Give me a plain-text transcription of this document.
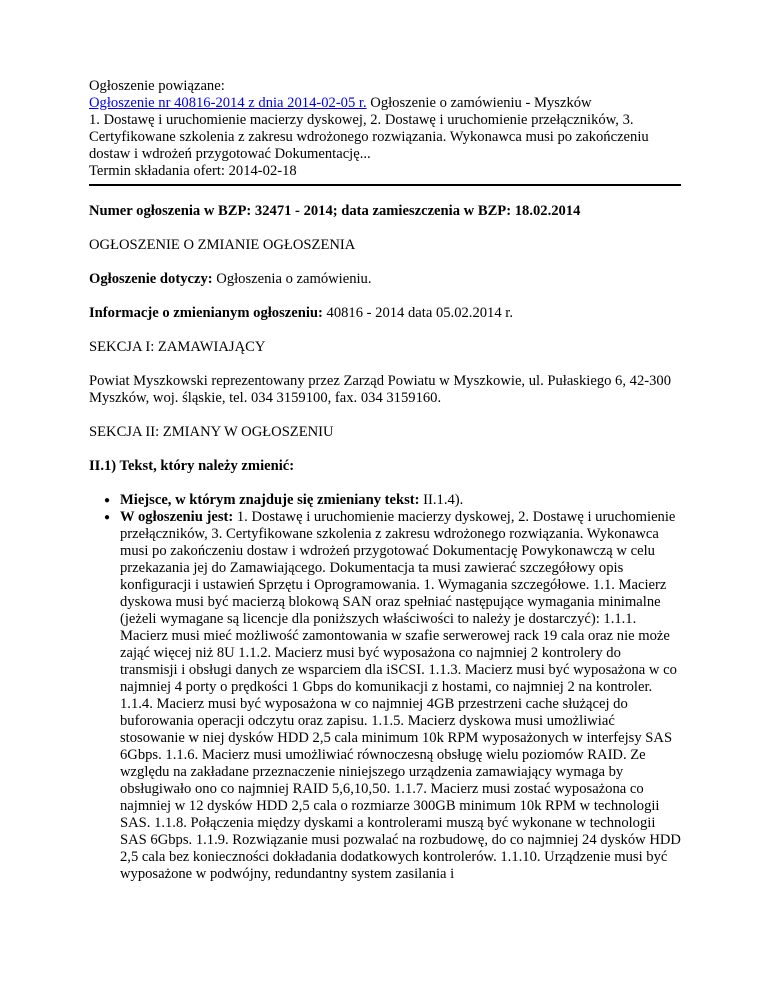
Ogłoszenie powiązane:

Ogłoszenie nr 40816-2014 z dnia 2014-02-05 r. Ogłoszenie o zamówieniu - Myszków

1. Dostawę i uruchomienie macierzy dyskowej, 2. Dostawę i uruchomienie przełączników, 3. Certyfikowane szkolenia z zakresu wdrożonego rozwiązania. Wykonawca musi po zakończeniu dostaw i wdrożeń przygotować Dokumentację...

Termin składania ofert: 2014-02-18

Numer ogłoszenia w BZP: 32471 - 2014; data zamieszczenia w BZP: 18.02.2014

OGŁOSZENIE O ZMIANIE OGŁOSZENIA

Ogłoszenie dotyczy: Ogłoszenia o zamówieniu.

Informacje o zmienianym ogłoszeniu: 40816 - 2014 data 05.02.2014 r.

SEKCJA I: ZAMAWIAJĄCY

Powiat Myszkowski reprezentowany przez Zarząd Powiatu w Myszkowie, ul. Pułaskiego 6, 42-300 Myszków, woj. śląskie, tel. 034 3159100, fax. 034 3159160.

SEKCJA II: ZMIANY W OGŁOSZENIU

II.1) Tekst, który należy zmienić:

● Miejsce, w którym znajduje się zmieniany tekst: II.1.4).
● W ogłoszeniu jest: 1. Dostawę i uruchomienie macierzy dyskowej, 2. Dostawę i uruchomienie przełączników, 3. Certyfikowane szkolenia z zakresu wdrożonego rozwiązania. Wykonawca musi po zakończeniu dostaw i wdrożeń przygotować Dokumentację Powykonawczą w celu przekazania jej do Zamawiającego. Dokumentacja ta musi zawierać szczegółowy opis konfiguracji i ustawień Sprzętu i Oprogramowania. 1. Wymagania szczegółowe. 1.1. Macierz dyskowa musi być macierzą blokową SAN oraz spełniać następujące wymagania minimalne (jeżeli wymagane są licencje dla poniższych właściwości to należy je dostarczyć): 1.1.1. Macierz musi mieć możliwość zamontowania w szafie serwerowej rack 19 cala oraz nie może zająć więcej niż 8U 1.1.2. Macierz musi być wyposażona co najmniej 2 kontrolery do transmisji i obsługi danych ze wsparciem dla iSCSI. 1.1.3. Macierz musi być wyposażona w co najmniej 4 porty o prędkości 1 Gbps do komunikacji z hostami, co najmniej 2 na kontroler. 1.1.4. Macierz musi być wyposażona w co najmniej 4GB przestrzeni cache służącej do buforowania operacji odczytu oraz zapisu. 1.1.5. Macierz dyskowa musi umożliwiać stosowanie w niej dysków HDD 2,5 cala minimum 10k RPM wyposażonych w interfejsy SAS 6Gbps. 1.1.6. Macierz musi umożliwiać równoczesną obsługę wielu poziomów RAID. Ze względu na zakładane przeznaczenie niniejszego urządzenia zamawiający wymaga by obsługiwało ono co najmniej RAID 5,6,10,50. 1.1.7. Macierz musi zostać wyposażona co najmniej w 12 dysków HDD 2,5 cala o rozmiarze 300GB minimum 10k RPM w technologii SAS. 1.1.8. Połączenia między dyskami a kontrolerami muszą być wykonane w technologii SAS 6Gbps. 1.1.9. Rozwiązanie musi pozwalać na rozbudowę, do co najmniej 24 dysków HDD 2,5 cala bez konieczności dokładania dodatkowych kontrolerów. 1.1.10. Urządzenie musi być wyposażone w podwójny, redundantny system zasilania i
